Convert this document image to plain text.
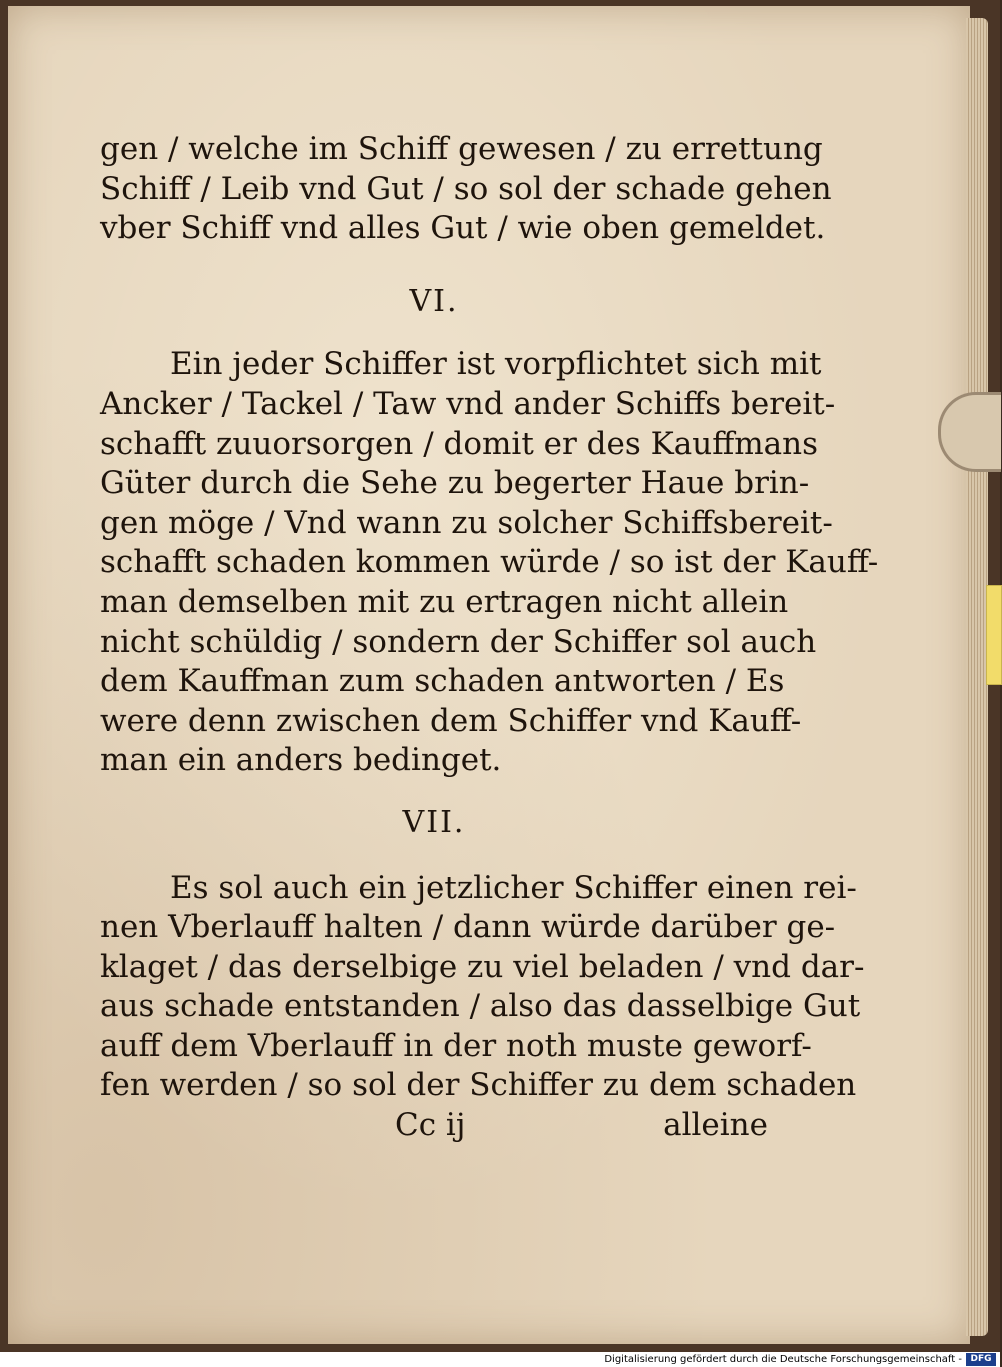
gen / welche im Schiff gewesen / zu errettung
Schiff / Leib vnd Gut / so sol der schade gehen
vber Schiff vnd alles Gut / wie oben gemeldet.
VI.
Ein jeder Schiffer ist vorpflichtet sich mit
Ancker / Tackel / Taw vnd ander Schiffs bereit-
schafft zuuorsorgen / domit er des Kauffmans
Güter durch die Sehe zu begerter Haue brin-
gen möge / Vnd wann zu solcher Schiffsbereit-
schafft schaden kommen würde / so ist der Kauff-
man demselben mit zu ertragen nicht allein
nicht schüldig / sondern der Schiffer sol auch
dem Kauffman zum schaden antworten / Es
were denn zwischen dem Schiffer vnd Kauff-
man ein anders bedinget.
VII.
Es sol auch ein jetzlicher Schiffer einen rei-
nen Vberlauff halten / dann würde darüber ge-
klaget / das derselbige zu viel beladen / vnd dar-
aus schade entstanden / also das dasselbige Gut
auff dem Vberlauff in der noth muste geworf-
fen werden / so sol der Schiffer zu dem schaden
Cc ij	alleine
Digitalisierung gefördert durch die Deutsche Forschungsgemeinschaft - DFG
